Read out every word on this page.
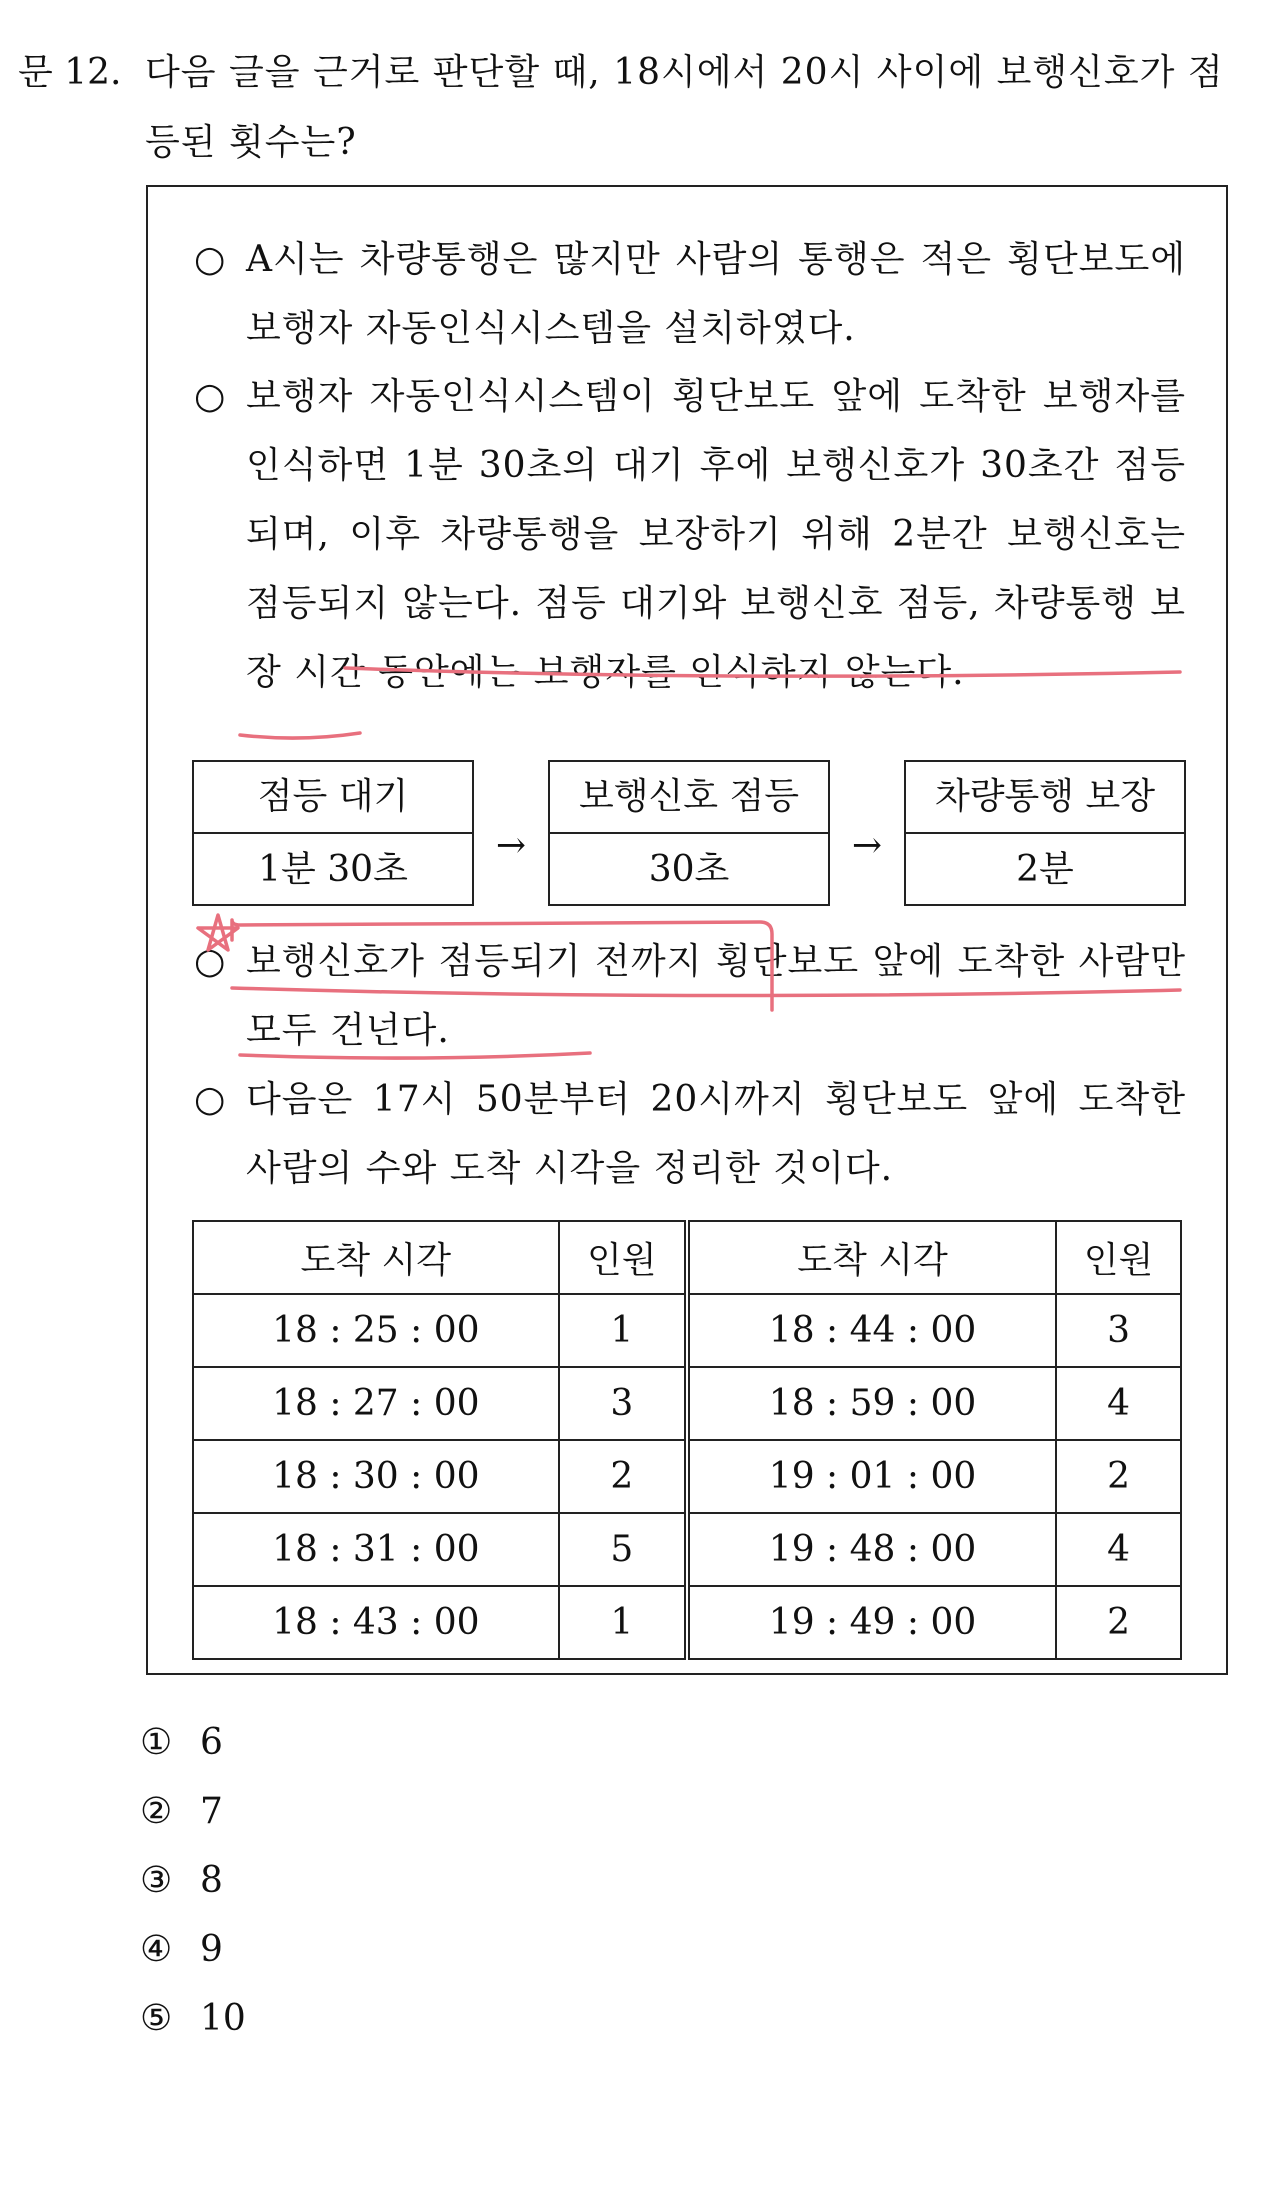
문 12. 다음 글을 근거로 판단할 때, 18시에서 20시 사이에 보행신호가 점등된 횟수는?
○ A시는 차량통행은 많지만 사람의 통행은 적은 횡단보도에 보행자 자동인식시스템을 설치하였다.
○ 보행자 자동인식시스템이 횡단보도 앞에 도착한 보행자를 인식하면 1분 30초의 대기 후에 보행신호가 30초간 점등되며, 이후 차량통행을 보장하기 위해 2분간 보행신호는 점등되지 않는다. 점등 대기와 보행신호 점등, 차량통행 보장 시간 동안에는 보행자를 인식하지 않는다.
점등 대기
1분 30초
→
보행신호 점등
30초
→
차량통행 보장
2분
○ 보행신호가 점등되기 전까지 횡단보도 앞에 도착한 사람만 모두 건넌다.
○ 다음은 17시 50분부터 20시까지 횡단보도 앞에 도착한 사람의 수와 도착 시각을 정리한 것이다.
도착 시각	인원	도착 시각	인원
18 : 25 : 00	1	18 : 44 : 00	3
18 : 27 : 00	3	18 : 59 : 00	4
18 : 30 : 00	2	19 : 01 : 00	2
18 : 31 : 00	5	19 : 48 : 00	4
18 : 43 : 00	1	19 : 49 : 00	2
① 6
② 7
③ 8
④ 9
⑤ 10
